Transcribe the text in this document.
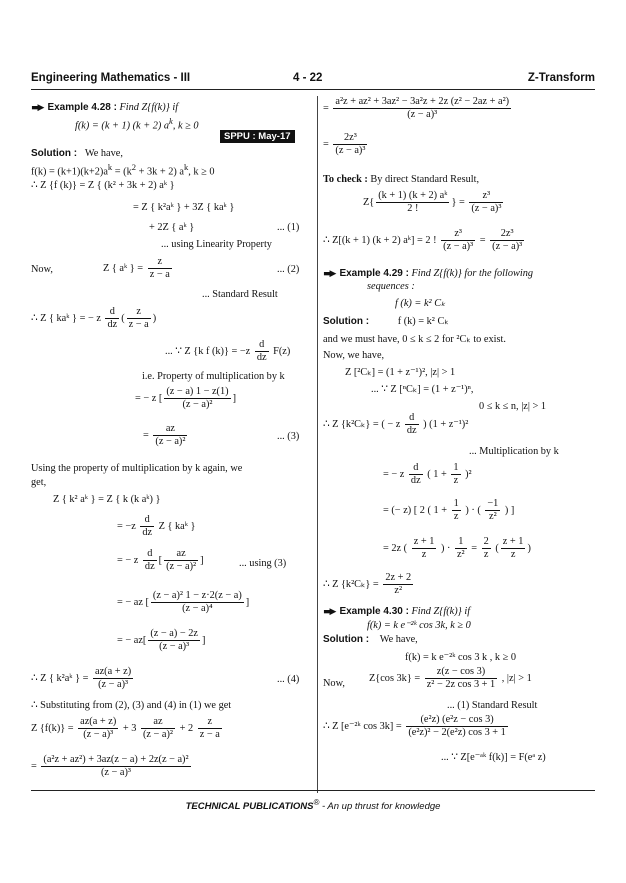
Engineering Mathematics - III	4 - 22	Z-Transform
▬▶ Example 4.28 : Find Z{f(k)} if
f(k) = (k + 1) (k + 2) $a^k$, k ≥ 0
SPPU : May-17
Solution : We have,
$f(k) = (k+1)(k+2)a^k = (k^2 + 3k + 2)$ $a^k$, k ≥ 0
∴ Z {f (k)} = Z { (k² + 3k + 2) aᵏ }
= Z { k²aᵏ } + 3Z { kaᵏ }
+ 2Z { aᵏ }	... (1)
... using Linearity Property
Now,	Z { aᵏ } = $\frac{z}{z - a}$	... (2)
... Standard Result
∴ Z { kaᵏ } = − z $\frac{d}{dz}$ ( $\frac{z}{z - a}$ )
... ∵ Z {k f $(k)\} = -z \frac{d}{dz} F(z)$
i.e. Property of multiplication by k
= − z [ $\frac{(z - a) 1 - z(1)}{\text{(z − a)²}}$ ]
= $\frac{az}{\text{(z − a)²}}$	... (3)
Using the property of multiplication by k again, we
get,
Z { k² aᵏ } = Z { k (k aᵏ) }
= $-z \frac{d}{dz}$ Z { kaᵏ }
= − z $\frac{d}{dz}$ [ $\frac{az}{\text{(z − a)²}}$ ]	... using (3)
= − az [ $\frac{\text{(z − a)² 1 − z·2(z − a)}}{\text{(z − a)⁴}}$ ]
= − $az[ \frac{(z - a) - 2z}{\text{(z − a)³}}$ ]
∴ Z { k²aᵏ } = $\frac{az(a + z)}{\text{(z − a)³}}$	... (4)
∴ Substituting from (2), (3) and (4) in (1) we get
Z $\{f(k)\} = \frac{az(a + z)}{\text{(z − a)³}} + 3 \frac{az}{\text{(z − a)²}} + 2 \frac{z}{z - a}$
= $\frac{\text{(a²z + az²) + 3az(z − a) + 2z(z − a)²}}{\text{(z − a)³}}$
= $\frac{\text{a²z + az² + 3az² − 3a²z + 2z (z² − 2az + a²)}}{\text{(z − a)³}}$
= $\frac{\text{2z³}}{\text{(z − a)³}}$
To check : By direct Standard Result,
$Z\{ \frac{\text{(k + 1) (k + 2) aᵏ}}{2 !}$ } = $\frac{\text{z³}}{\text{(z − a)³}}$
∴ Z[(k + 1) (k + 2) aᵏ] = 2 ! $\frac{\text{z³}}{\text{(z − a)³}} = \frac{\text{2z³}}{\text{(z − a)³}}$
▬▶ Example 4.29 : Find Z{f(k)} for the following
sequences :
f (k) = k² Cₖ
Solution :	f (k) = k² Cₖ
and we must have, 0 ≤ k ≤ 2 for ²Cₖ to exist.
Now, we have,
Z [²Cₖ] = (1 + z⁻¹)², |z| > 1
... ∵ Z [ⁿCₖ] = (1 + z⁻¹)ⁿ,
0 ≤ k ≤ n, |z| > 1
∴ Z {k²Cₖ} = ( − z $\frac{d}{dz}$ ) (1 + z⁻¹)²
... Multiplication by k
= − z $\frac{d}{dz}$ ( $1 + \frac{1}{z} )^2$
= (− z) [ 2 ( $1 + \frac{1}{z}$ ) · ( $\frac{-1}{\text{z²}}$ ) ]
= 2z ( $\frac{z + 1}{z}$ ) · $\frac{1}{\text{z²}} = \frac{2}{z}$ ( $\frac{z + 1}{z}$ )
∴ Z $\{k^2C_k\} = \frac{2z + 2}{\text{z²}}$
▬▶ Example 4.30 : Find Z{f(k)} if
f(k) = k e⁻²ᵏ cos 3k, k ≥ 0
Solution : We have,
f(k) = k e⁻²ᵏ cos 3 k , k ≥ 0
Now, Z{cos $3k\} = \frac{z(z - \cos 3)}{\text{z² − 2z cos 3 + 1}}$ , |z| > 1
... (1) Standard Result
∴ Z [e⁻²ᵏ $\cos 3k] = \frac{\text{(e²z) (e²z − cos 3)}}{\text{(e²z)² − 2(e²z) cos 3 + 1}}$
... ∵ Z[e⁻ᵃᵏ f(k)] = F(eᵃ z)
TECHNICAL PUBLICATIONS® - An up thrust for knowledge
